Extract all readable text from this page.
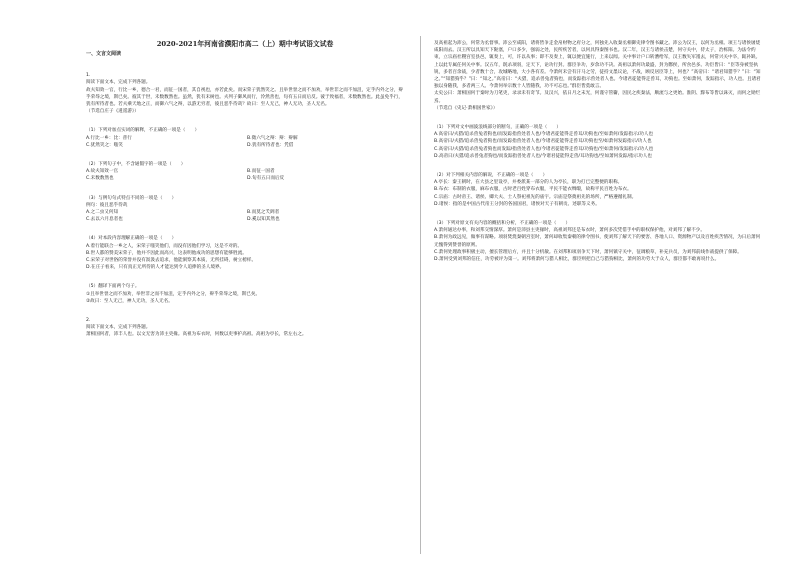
2020-2021年河南省濮阳市高二（上）期中考试语文试卷
一、文言文阅读
1.
阅读下面文本，完成下列各题。
故夫知效一官，行比一乡，德合一君，而征一国者，其自视也，亦若此矣。而宋荣子犹然笑之。且举世誉之而不加劝，举世非之而不加沮，定乎内外之分，辩乎荣辱之境，斯已矣。彼其于世，未数数然也。虽然，犹有未树也。夫列子御风而行，泠然善也，旬有五日而后反。彼于致福者，未数数然也。此虽免乎行，犹有所待者也。若夫乘天地之正，而御六气之辩，以游无穷者，彼且恶乎待哉？故曰：至人无己，神人无功，圣人无名。
（节选自庄子《逍遥游》）
（1）下列对加点实词的解释，不正确的一项是（　　）
A.行比一乡：比：普行	B.徵六气之辩：辩：辩解
C.犹然笑之：嗤笑	D.犹有所待者也：凭借
（2）下列句子中，不含通假字的一项是（　　）
A.故夫知效一官	B.而征一国者
C.未数数然也	D.旬有五日而后反
（3）与例句句式特点不同的一项是（　　）
例句：彼且恶乎待哉
A.之二虫又何知	B.而莫之夭阏者
C.去以六月息者也	D.奚以知其然也
（4）对本段内容理解正确的一项是（　　）
A.着行能联合一乡之人，宋荣子嗤笑他们，而没有因他们学习，这是不对的。
B.世人都的赞美宋荣子，他并不因此而高兴，这表明他成功的思想有能够胜流。
C.宋荣子对世俗的荣誉并没有汲汲去追求，他能洞察其本质，无所挂碍，树立榜样。
D.在庄子看来，只有真正无所待的人才能达到令人追捧的圣人境界。
（5）翻译下面两个句子。
①且举世誉之而不加劝，举世非之而不加沮，定乎内外之分，辩乎荣辱之境，斯已矣。
②故曰：至人无己，神人无功，圣人无名。
2.
阅读下面文本，完成下列各题。
萧相国何者，沛丰人也。以文无害为沛主吏掾。高祖为布衣时，何数以吏事护高祖。高祖为亭长，常左右之。
及高祖起为沛公，何常为丞督事。沛公至咸阳，诸将皆争走金帛财物之府分之，何独先入收秦丞相御史律令图书藏之。沛公为汉王，以何为丞相。项王与诸侯屠烧咸阳而去。汉王所以具知天下阨塞，户口多少，强弱之处，民所疾苦者，以何具得秦图书也。汉二年，汉王与诸侯击楚，何守关中，侍太子，治栎阳。为法令约束，立宗庙社稷宫室县邑，辄奏上，可，许以从事；即不及奏上，辄以便宜施行，上来以闻。关中事计户口转漕给军，汉王数失军遁去，何常兴关中卒，辄补缺。上以此专属任何关中事。汉五年，既杀项羽，定天下，论功行封。群臣争功，岁余功不决。高祖以萧何功最盛，封为酂侯，所食邑多。功臣皆曰：“臣等身被坚执锐，多者百余战，少者数十合，攻城略地，大小各有差。今萧何未尝有汗马之劳，徒持文墨议论，不战，顾反居臣等上，何也？”高帝曰：“诸君知猎乎？”曰：“知之。”“知猎狗乎？”曰：“知之。”高帝曰：“夫猎，追杀兽兔者狗也，而发踪指示兽处者人也。今诸君徒能得走兽耳，功狗也。至如萧何，发踪指示，功人也。且诸君独以身随我，多者两三人。今萧何举宗数十人皆随我，功不可忘也。”群臣皆莫敢言。
太史公曰：萧相国何于秦时为刀笔吏，录录未有奇节。及汉兴，依日月之末光，何谨守管籥，因民之疾秦法，顺流与之更始。淮阴、黥布等皆以诛灭，而何之勋烂焉。
（节选自《史记·萧相国世家》）
（1）下列对文中画波浪线部分的断句，正确的一项是（　　）
A.高帝曰/夫猎/追杀兽兔者狗也/而发踪指兽处者人也/今诸君徒能得走兽耳/功狗也/至如萧何/发踪指示/功人也
B.高帝曰/夫猎/追杀兽兔者狗也/而发踪指兽处者人也/今诸君徒能得走兽耳/功狗也至/如萧何发踪指示/功人也
C.高帝曰/夫猎/追杀兽兔者狗也而发踪/指兽处者人也/今诸君徒能得走兽耳/功狗也/至如萧何/发踪指示/功人也
D.高帝曰/夫猎/追杀兽兔者狗也/而发踪指兽处者人也/今诸君徒能得走兽/耳功狗也/至如萧何发踪/指示功人也
（2）对下列相关内容的解说，不正确的一项是（　　）
A.亭长：秦王朝时，在大县之里设亭，并委派某一部分的人为亭长，职为打已完整便的职称。
B.布衣：布制的衣服，麻布衣服，古时老百姓穿布衣服，平民不能衣绸缎，故称平民百姓为布衣。
C.宗庙：古时帝王、诸侯、卿大夫、士人祭祀祖先的庙宇。宗庙是祭奠祖先的场所，严格遵循礼制。
D.诸侯：指的是中国古代帝王分封的各国国君，诸侯对天子有朝贡、述职等义务。
（3）下列对原文有关内容的概括和分析，不正确的一项是（　　）
A.萧何通达办事，和刘邦交情深厚。萧何是沛县主吏掾时，高祖刘邦还是布衣时，萧何多次凭借手中的职权保护他，对刘邦了解不少。
B.萧何为政远见，做事有谋略。项羽焚烧秦朝宫室时，萧何却收集秦朝的律令图书，使刘邦了解天下的要害、各地人口、资源物产以及百姓疾苦情况，为日后萧何无愧得到赞誉的原则。
C.萧何处理政事积极主动，擅长管理后方，并且十分机敏。在刘邦和项羽争天下时，萧何镇守关中，征调粮草，补充兵员，为刘邦前线作战提供了保障。
D.萧何受到刘邦的信任，功劳被评为第一。刘邦将萧何与猎人相比，群臣则把自己与猎狗相比，萧何的功劳大于众人，群臣都不敢再说什么。
